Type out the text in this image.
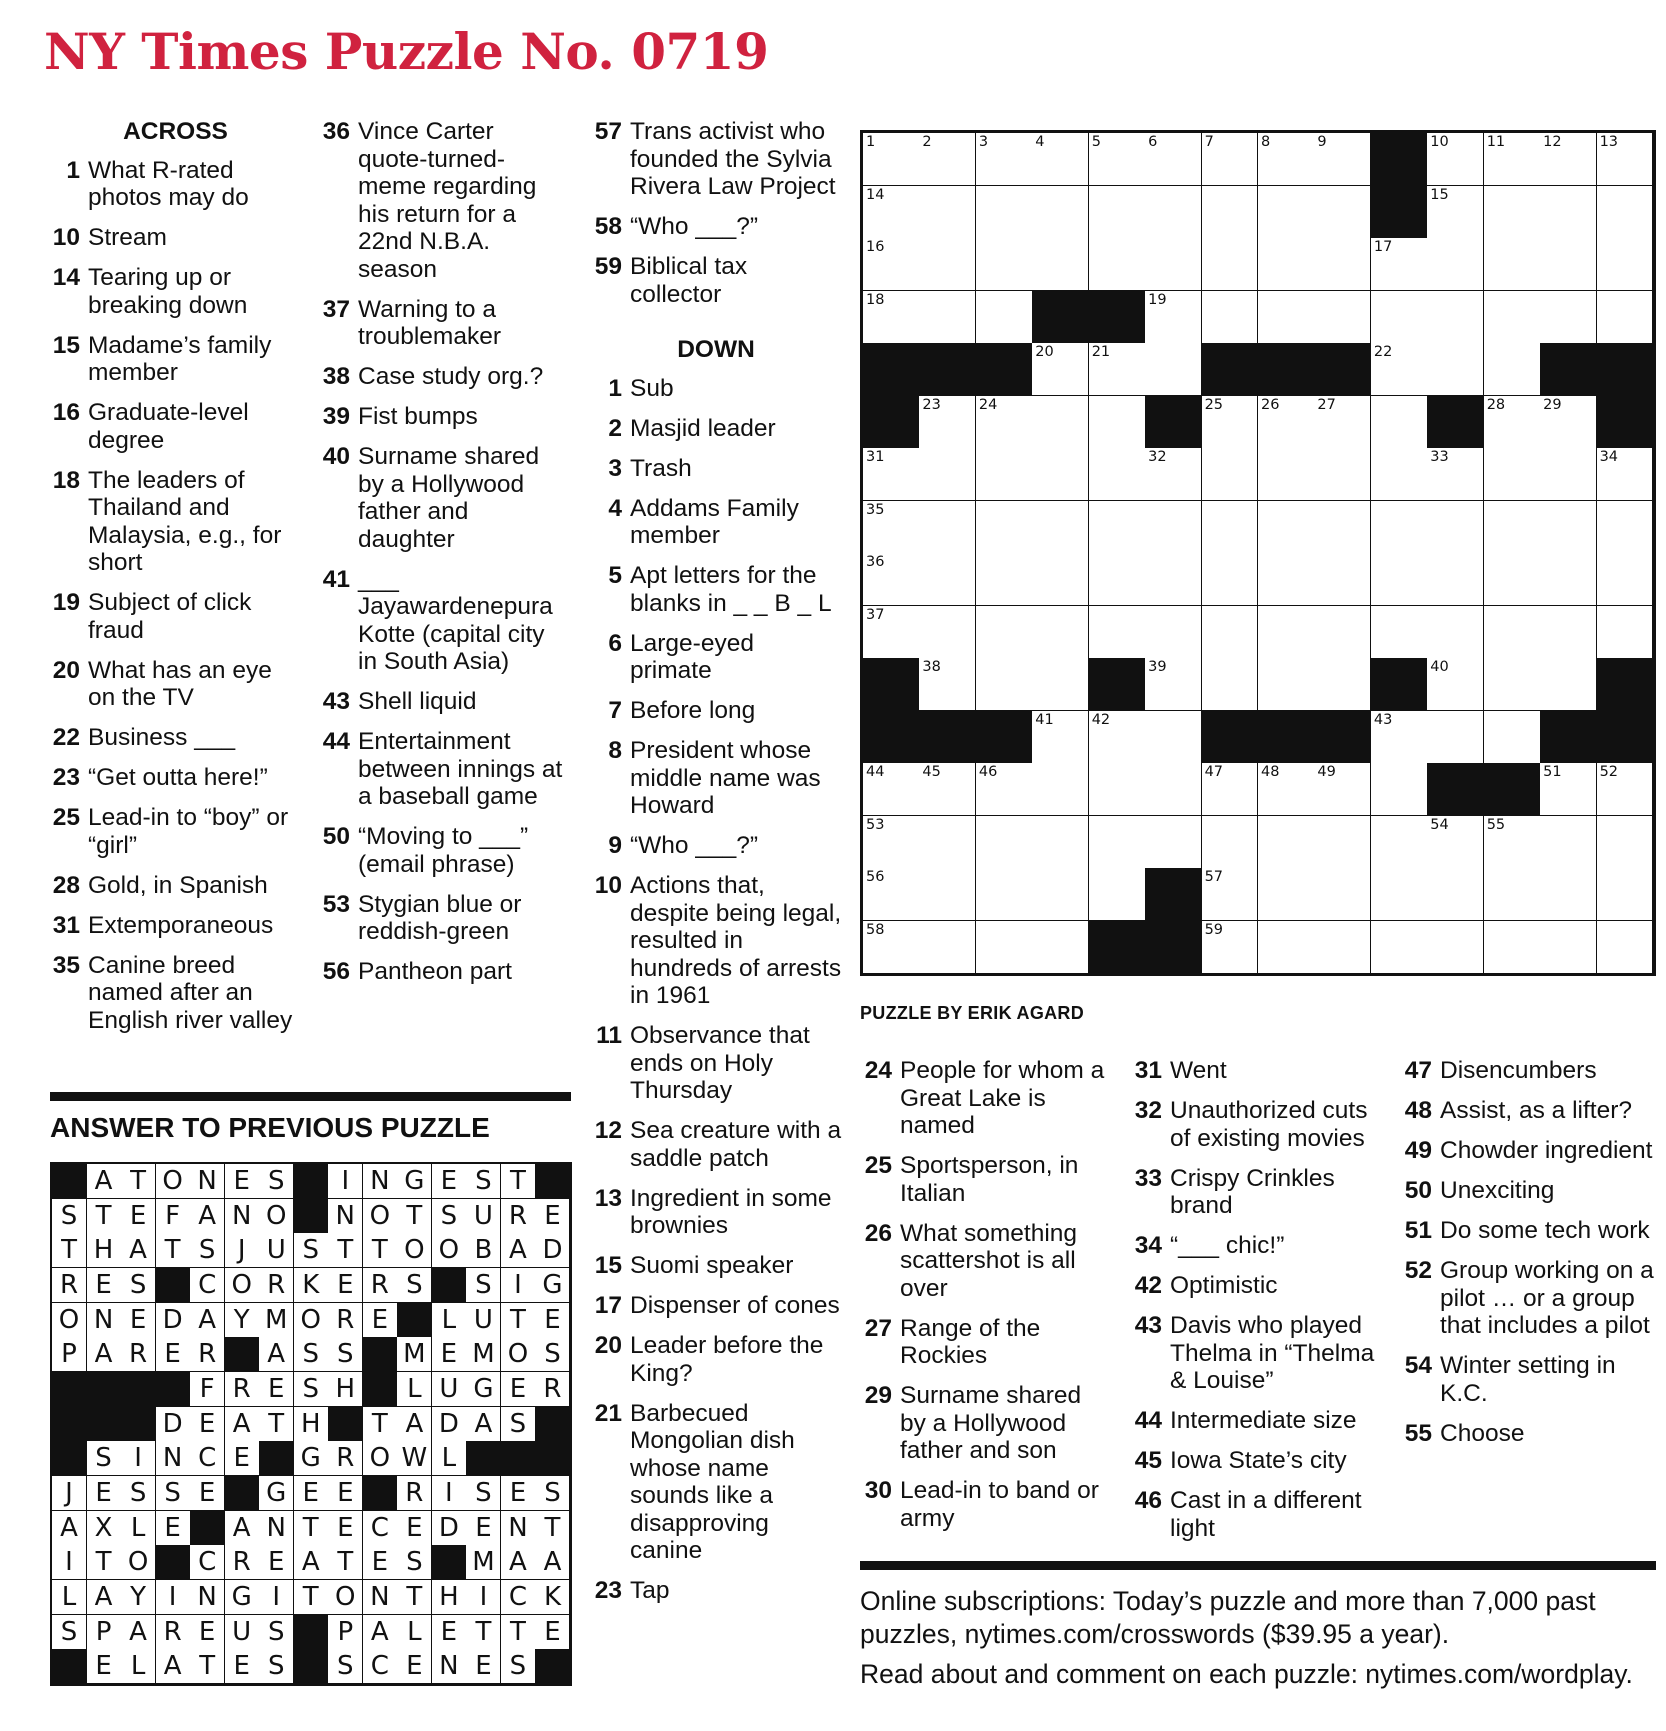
NY Times Puzzle No. 0719
ACROSS
1 What R-rated photos may do
10 Stream
14 Tearing up or breaking down
15 Madame’s family member
16 Graduate-level degree
18 The leaders of Thailand and Malaysia, e.g., for short
19 Subject of click fraud
20 What has an eye on the TV
22 Business ___
23 “Get outta here!”
25 Lead-in to “boy” or “girl”
28 Gold, in Spanish
31 Extemporaneous
35 Canine breed named after an English river valley
36 Vince Carter quote-turned-meme regarding his return for a 22nd N.B.A. season
37 Warning to a troublemaker
38 Case study org.?
39 Fist bumps
40 Surname shared by a Hollywood father and daughter
41 ___ Jayawardenepura Kotte (capital city in South Asia)
43 Shell liquid
44 Entertainment between innings at a baseball game
50 “Moving to ___” (email phrase)
53 Stygian blue or reddish-green
56 Pantheon part
57 Trans activist who founded the Sylvia Rivera Law Project
58 “Who ___?”
59 Biblical tax collector
DOWN
1 Sub
2 Masjid leader
3 Trash
4 Addams Family member
5 Apt letters for the blanks in _ _ B _ L
6 Large-eyed primate
7 Before long
8 President whose middle name was Howard
9 “Who ___?”
10 Actions that, despite being legal, resulted in hundreds of arrests in 1961
11 Observance that ends on Holy Thursday
12 Sea creature with a saddle patch
13 Ingredient in some brownies
15 Suomi speaker
17 Dispenser of cones
20 Leader before the King?
21 Barbecued Mongolian dish whose name sounds like a disapproving canine
23 Tap
1	2	3	4	5	6	7	8	9	10	11	12	13
14	15
16	17
18	19
20	21	22
23	24	25	26	27	28	29
31	32	33	34
35
36
37
38	39	40
41	42	43
44	45	46	47	48	49	51	52
53	54	55
56	57
58	59
PUZZLE BY ERIK AGARD
24 People for whom a Great Lake is named
25 Sportsperson, in Italian
26 What something scattershot is all over
27 Range of the Rockies
29 Surname shared by a Hollywood father and son
30 Lead-in to band or army
31 Went
32 Unauthorized cuts of existing movies
33 Crispy Crinkles brand
34 “___ chic!”
42 Optimistic
43 Davis who played Thelma in “Thelma & Louise”
44 Intermediate size
45 Iowa State’s city
46 Cast in a different light
47 Disencumbers
48 Assist, as a lifter?
49 Chowder ingredient
50 Unexciting
51 Do some tech work
52 Group working on a pilot … or a group that includes a pilot
54 Winter setting in K.C.
55 Choose
ANSWER TO PREVIOUS PUZZLE
A T O N E S	I N G E S T
S T E F A N O N O T S U R E
T H A T S J U S T T O O B A D
R E S	C O R K E R S	S I G
O N E D A Y M O R E	L U T E
P A R E R	A S S	M E M O S
F R E S H	L U G E R
D E A T H	T A D A S
S I N C E	G R O W L
J E S S E	G E E	R I S E S
A X L E	A N T E C E D E N T
I T O	C R E A T E S	M A A
L A Y I N G I T O N T H I C K
S P A R E U S	P A L E T T E
E L A T E S	S C E N E S

Online subscriptions: Today’s puzzle and more than 7,000 past puzzles, nytimes.com/crosswords ($39.95 a year).

Read about and comment on each puzzle: nytimes.com/wordplay.
